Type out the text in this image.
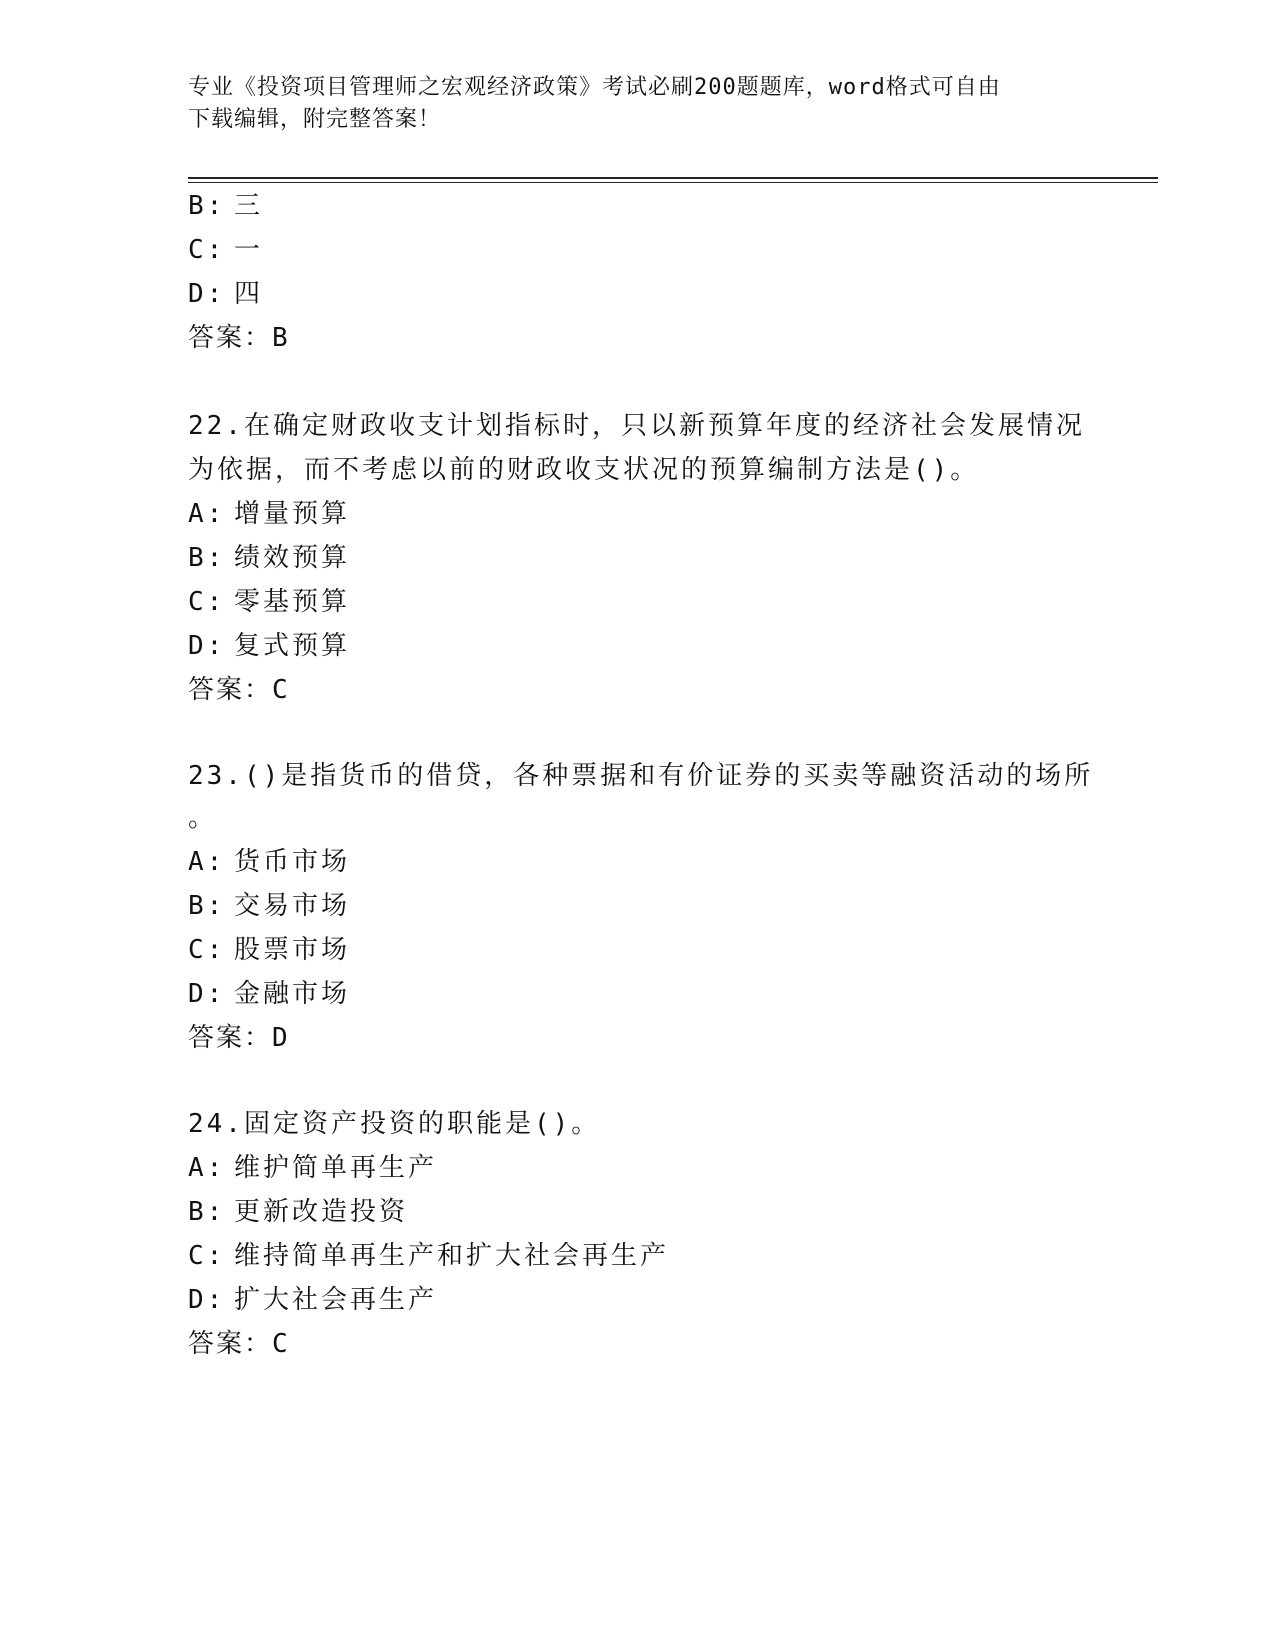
专业《投资项目管理师之宏观经济政策》考试必刷200题题库，word格式可自由
下载编辑，附完整答案！
B: 三
C: 一
D: 四
答案：B
22.在确定财政收支计划指标时，只以新预算年度的经济社会发展情况
为依据，而不考虑以前的财政收支状况的预算编制方法是()。
A: 增量预算
B: 绩效预算
C: 零基预算
D: 复式预算
答案：C
23.()是指货币的借贷，各种票据和有价证券的买卖等融资活动的场所
。
A: 货币市场
B: 交易市场
C: 股票市场
D: 金融市场
答案：D
24.固定资产投资的职能是()。
A: 维护简单再生产
B: 更新改造投资
C: 维持简单再生产和扩大社会再生产
D: 扩大社会再生产
答案：C
